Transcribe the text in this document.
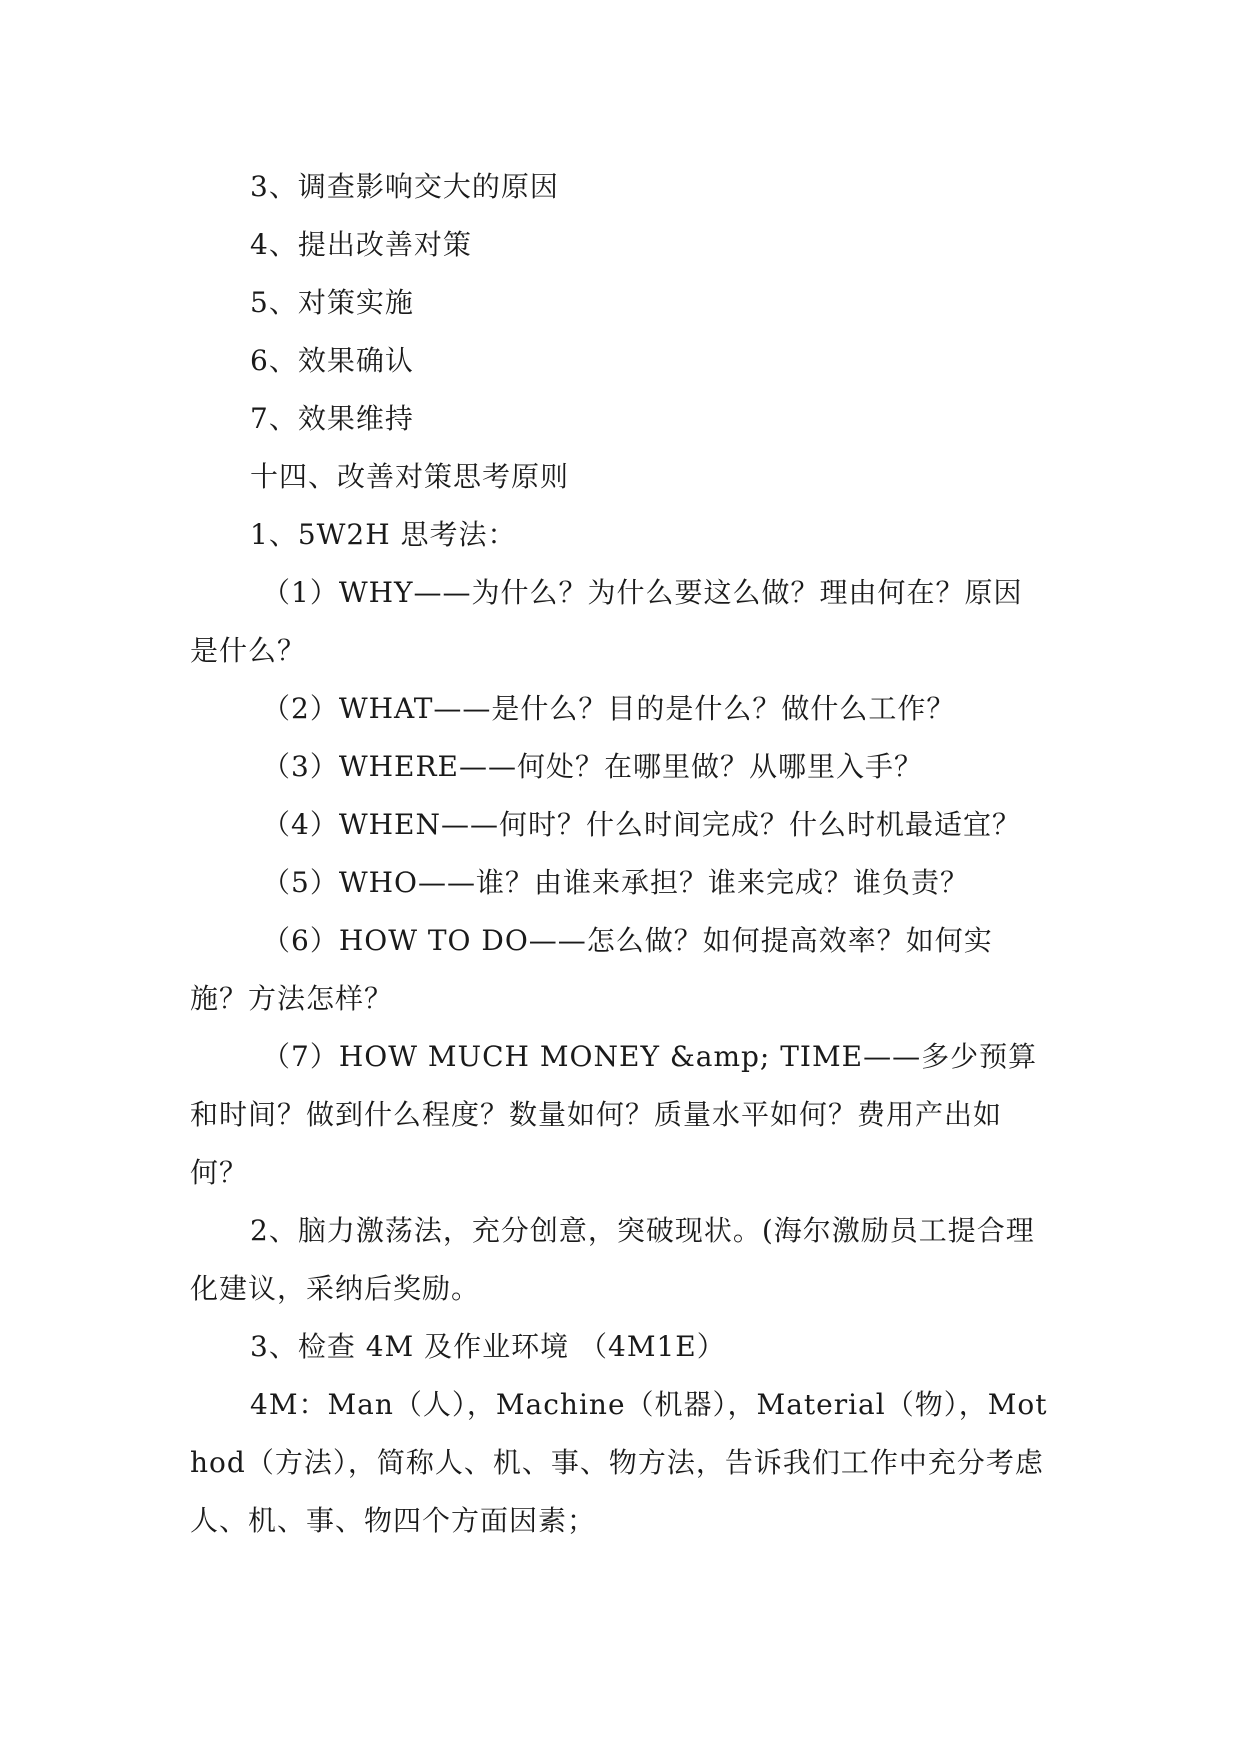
3、调查影响交大的原因

4、提出改善对策

5、对策实施

6、效果确认

7、效果维持

十四、改善对策思考原则

1、5W2H 思考法：

（1）WHY——为什么？为什么要这么做？理由何在？原因是什么？

（2）WHAT——是什么？目的是什么？做什么工作？

（3）WHERE——何处？在哪里做？从哪里入手？

（4）WHEN——何时？什么时间完成？什么时机最适宜？

（5）WHO——谁？由谁来承担？谁来完成？谁负责？

（6）HOW TO DO——怎么做？如何提高效率？如何实施？方法怎样？

（7）HOW MUCH MONEY &amp; TIME——多少预算和时间？做到什么程度？数量如何？质量水平如何？费用产出如何？

2、脑力激荡法，充分创意，突破现状。(海尔激励员工提合理化建议，采纳后奖励。

3、检查 4M 及作业环境 （4M1E）

4M：Man（人），Machine（机器），Material（物），Mothod（方法），简称人、机、事、物方法，告诉我们工作中充分考虑人、机、事、物四个方面因素；
